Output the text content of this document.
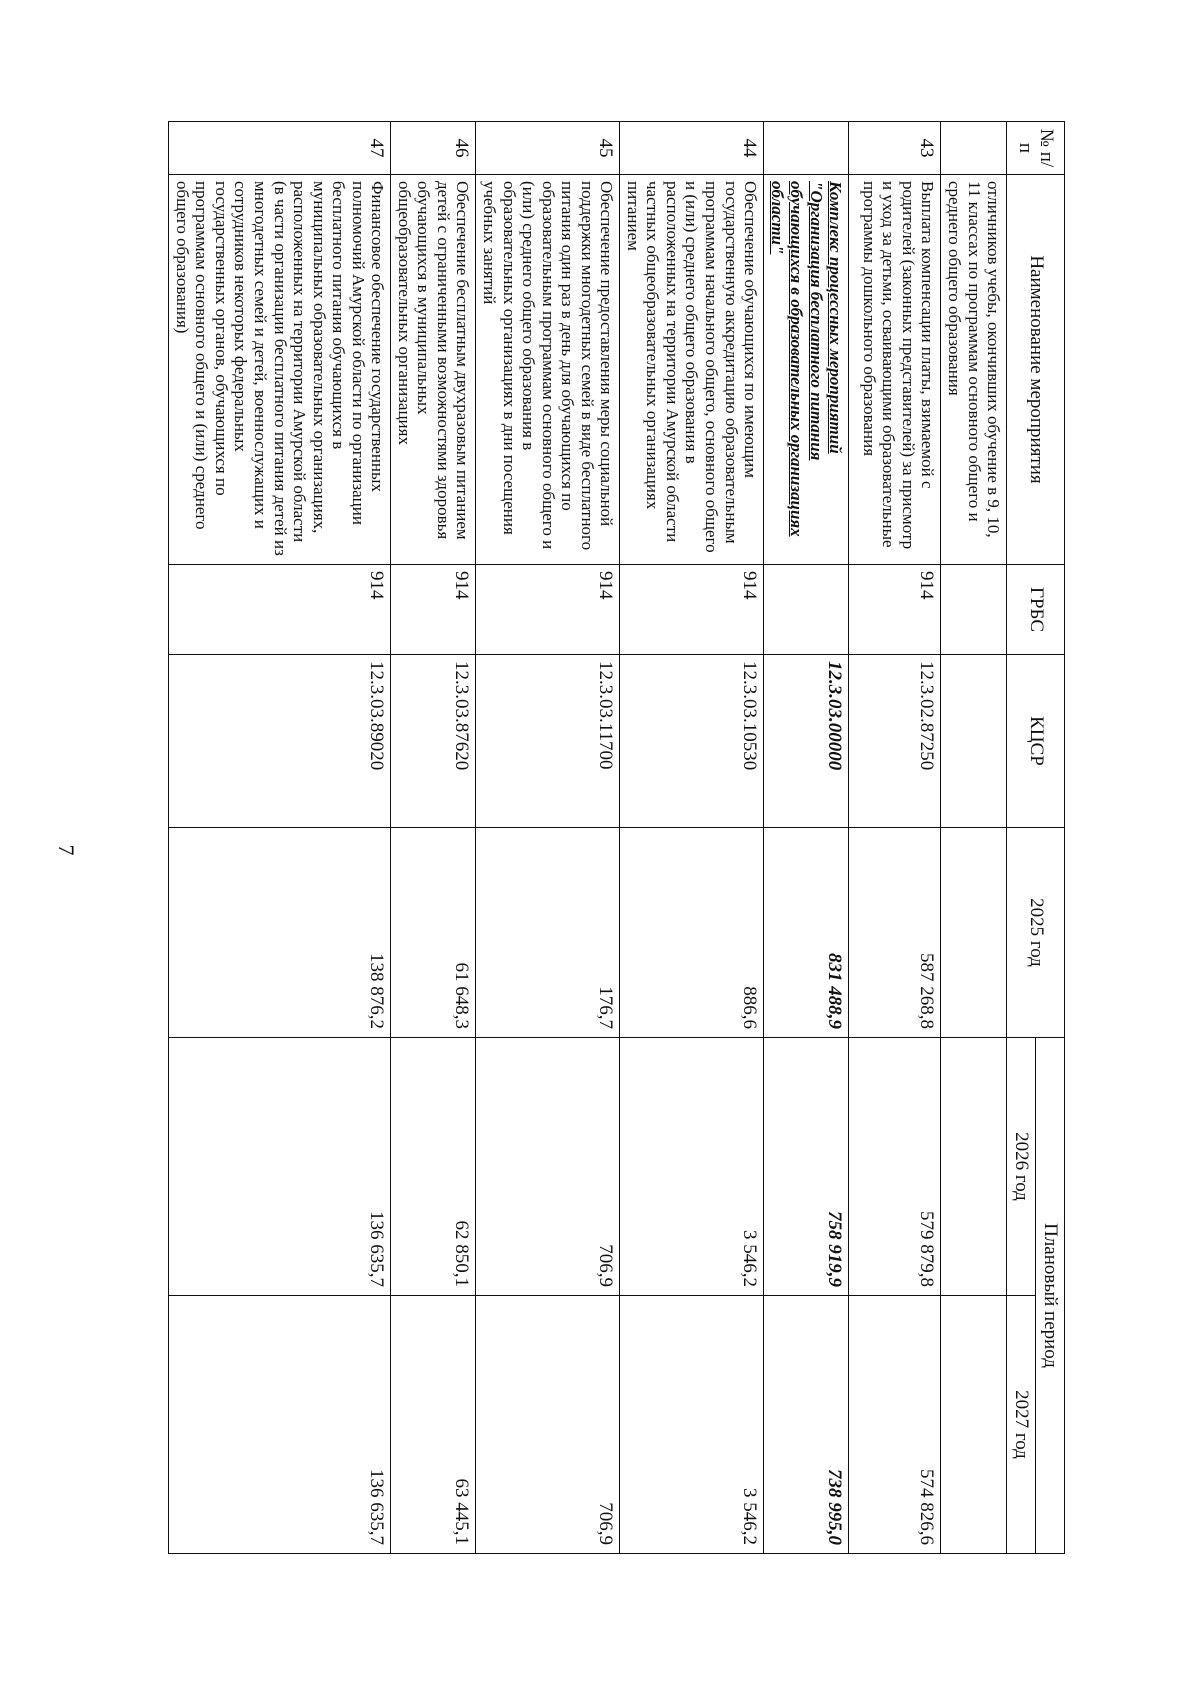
7
№ п/п	Наименование мероприятия	ГРБС	КЦСР	2025 год	Плановый период	
					2026 год	2027 год
	отличников учебы, окончивших обучение в 9, 10, 11 классах по программам основного общего и среднего общего образования					
43	Выплата компенсации платы, взимаемой с родителей (законных представителей) за присмотр и уход за детьми, осваивающими образовательные программы дошкольного образования	914	12.3.02.87250	587 268,8	579 879,8	574 826,6
	Комплекс процессных мероприятий "Организация бесплатного питания обучающихся в образовательных организациях области"		12.3.03.00000	831 488,9	758 919,9	738 995,0
44	Обеспечение обучающихся по имеющим государственную аккредитацию образовательным программам начального общего, основного общего и (или) среднего общего образования в расположенных на территории Амурской области частных общеобразовательных организациях питанием	914	12.3.03.10530	886,6	3 546,2	3 546,2
45	Обеспечение предоставления меры социальной поддержки многодетных семей в виде бесплатного питания один раз в день для обучающихся по образовательным программам основного общего и (или) среднего общего образования в образовательных организациях в дни посещения учебных занятий	914	12.3.03.11700	176,7	706,9	706,9
46	Обеспечение бесплатным двухразовым питанием детей с ограниченными возможностями здоровья обучающихся в муниципальных общеобразовательных организациях	914	12.3.03.87620	61 648,3	62 850,1	63 445,1
47	Финансовое обеспечение государственных полномочий Амурской области по организации бесплатного питания обучающихся в муниципальных образовательных организациях, расположенных на территории Амурской области (в части организации бесплатного питания детей из многодетных семей и детей, военнослужащих и сотрудников некоторых федеральных государственных органов, обучающихся по программам основного общего и (или) среднего общего образования)	914	12.3.03.89020	138 876,2	136 635,7	136 635,7
